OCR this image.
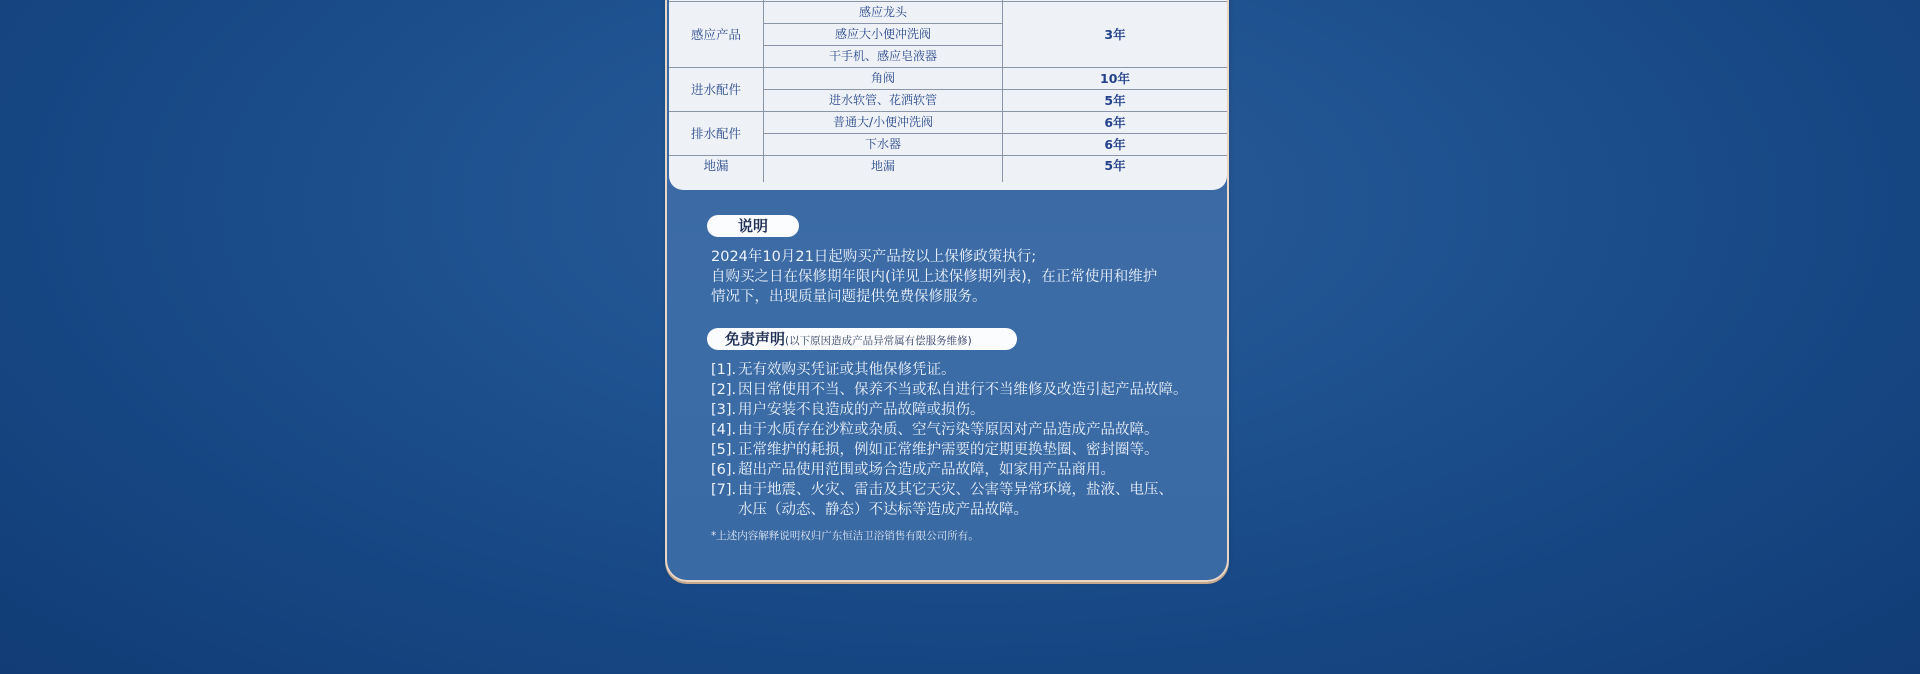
感应产品	感应龙头	3年
	感应大小便冲洗阀	
	干手机、感应皂液器	
进水配件	角阀	10年
	进水软管、花洒软管	5年
排水配件	普通大/小便冲洗阀	6年
	下水器	6年
地漏	地漏	5年
说明
2024年10月21日起购买产品按以上保修政策执行;
自购买之日在保修期年限内(详见上述保修期列表)，在正常使用和维护
情况下，出现质量问题提供免费保修服务。
免责声明(以下原因造成产品异常属有偿服务维修)
[1]. 无有效购买凭证或其他保修凭证。
[2]. 因日常使用不当、保养不当或私自进行不当维修及改造引起产品故障。
[3]. 用户安装不良造成的产品故障或损伤。
[4]. 由于水质存在沙粒或杂质、空气污染等原因对产品造成产品故障。
[5]. 正常维护的耗损，例如正常维护需要的定期更换垫圈、密封圈等。
[6]. 超出产品使用范围或场合造成产品故障，如家用产品商用。
[7]. 由于地震、火灾、雷击及其它天灾、公害等异常环境，盐液、电压、
水压（动态、静态）不达标等造成产品故障。
*上述内容解释说明权归广东恒洁卫浴销售有限公司所有。
